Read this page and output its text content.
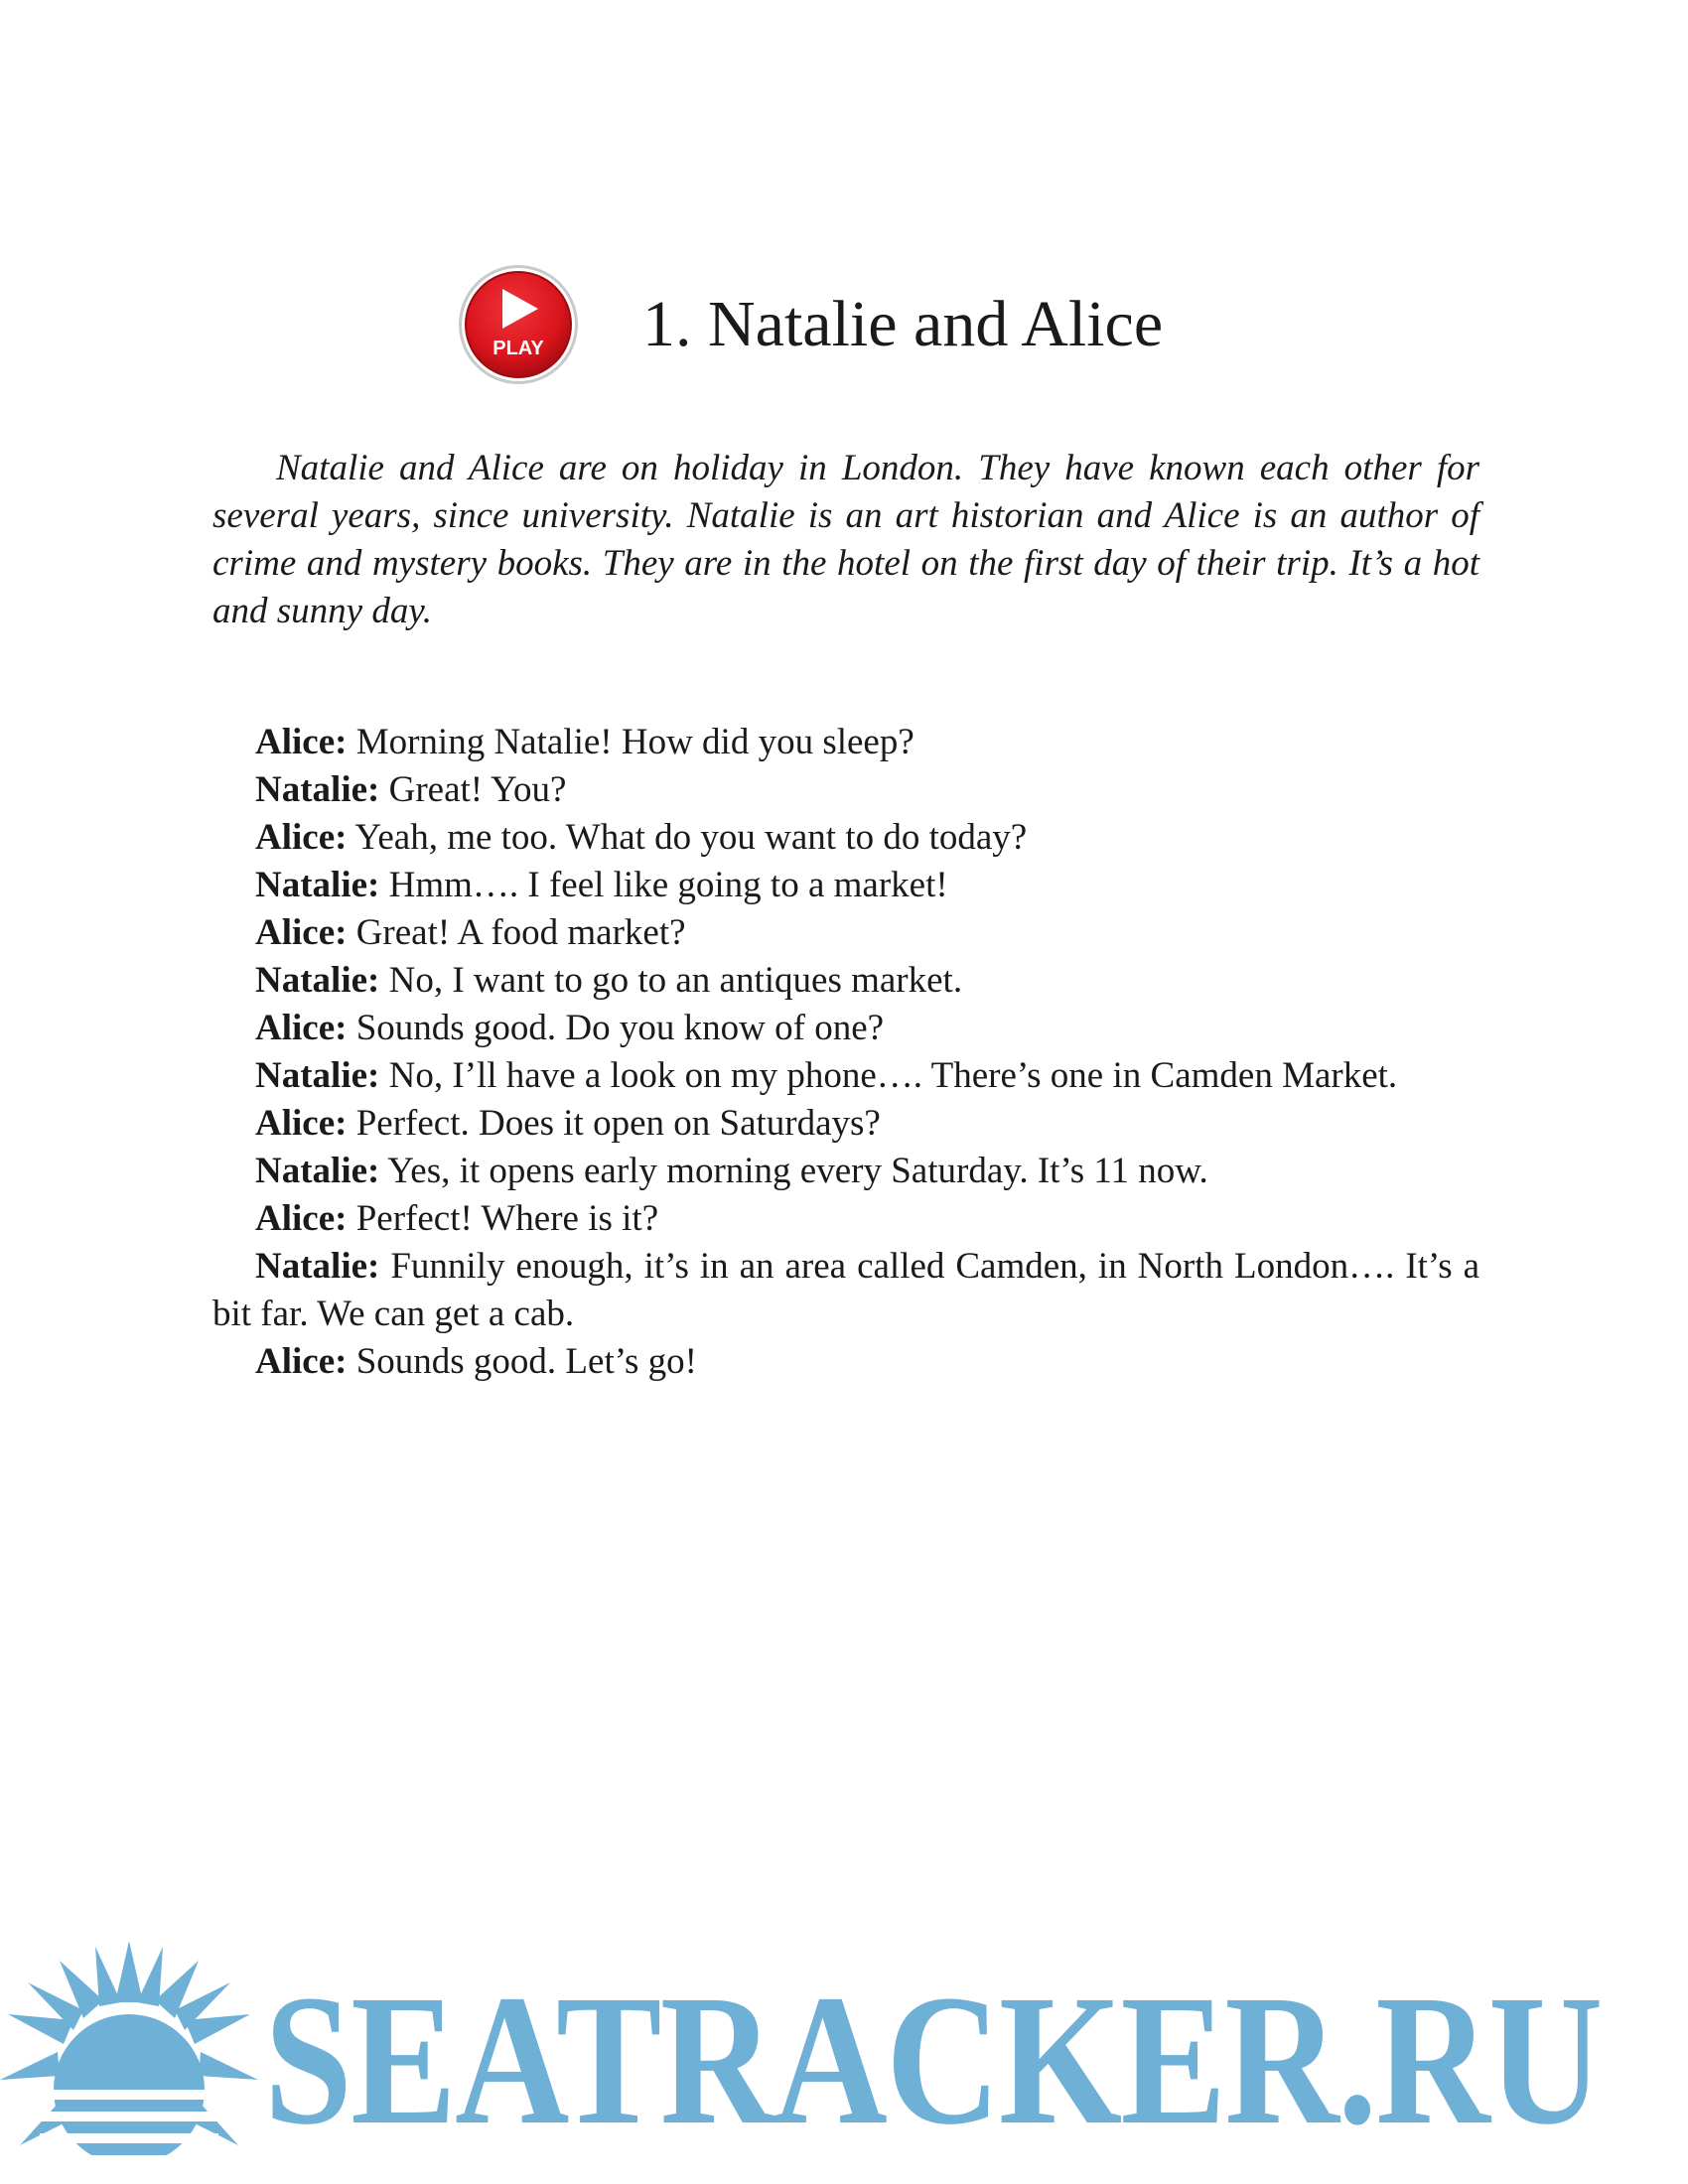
PLAY 1. Natalie and Alice

Natalie and Alice are on holiday in London. They have known each other for several years, since university. Natalie is an art historian and Alice is an author of crime and mystery books. They are in the hotel on the first day of their trip. It’s a hot and sunny day.

Alice: Morning Natalie! How did you sleep?

Natalie: Great! You?

Alice: Yeah, me too. What do you want to do today?

Natalie: Hmm…. I feel like going to a market!

Alice: Great! A food market?

Natalie: No, I want to go to an antiques market.

Alice: Sounds good. Do you know of one?

Natalie: No, I’ll have a look on my phone…. There’s one in Camden Market.

Alice: Perfect. Does it open on Saturdays?

Natalie: Yes, it opens early morning every Saturday. It’s 11 now.

Alice: Perfect! Where is it?

Natalie: Funnily enough, it’s in an area called Camden, in North London…. It’s a bit far. We can get a cab.

Alice: Sounds good. Let’s go!

SEATRACKER.RU
